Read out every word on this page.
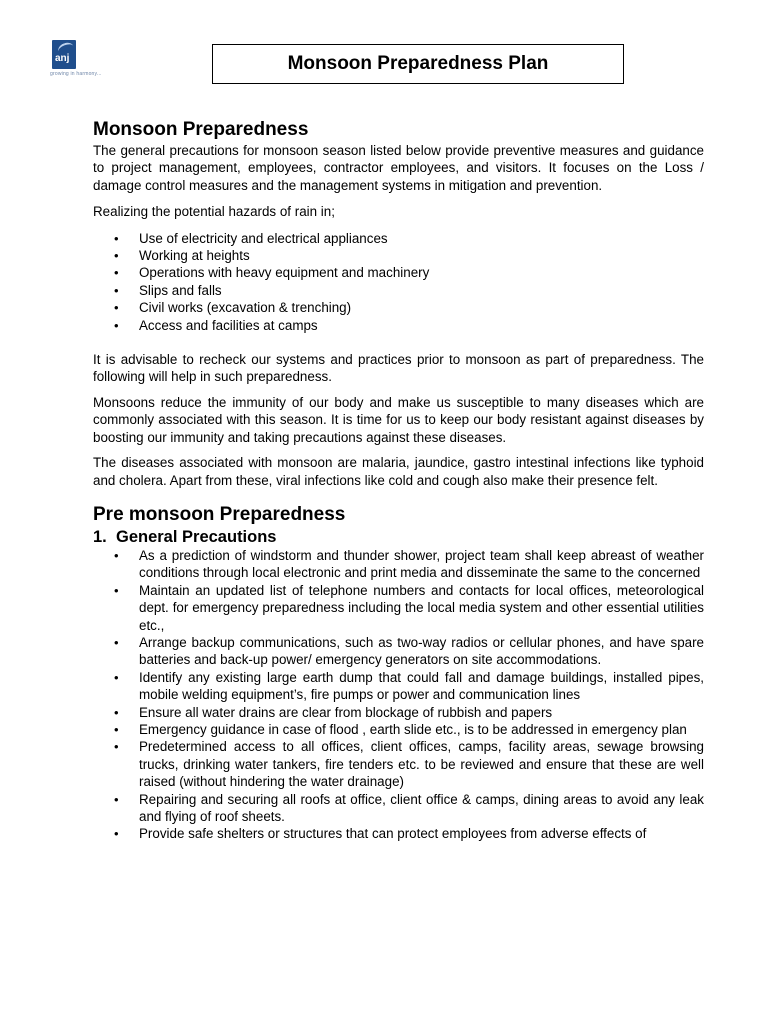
anj
growing in harmony...	Monsoon Preparedness Plan
Monsoon Preparedness

The general precautions for monsoon season listed below provide preventive measures and guidance to project management, employees, contractor employees, and visitors. It focuses on the Loss / damage control measures and the management systems in mitigation and prevention.

Realizing the potential hazards of rain in;

• Use of electricity and electrical appliances
• Working at heights
• Operations with heavy equipment and machinery
• Slips and falls
• Civil works (excavation & trenching)
• Access and facilities at camps

It is advisable to recheck our systems and practices prior to monsoon as part of preparedness. The following will help in such preparedness.

Monsoons reduce the immunity of our body and make us susceptible to many diseases which are commonly associated with this season. It is time for us to keep our body resistant against diseases by boosting our immunity and taking precautions against these diseases.

The diseases associated with monsoon are malaria, jaundice, gastro intestinal infections like typhoid and cholera. Apart from these, viral infections like cold and cough also make their presence felt.

Pre monsoon Preparedness
1. General Precautions
• As a prediction of windstorm and thunder shower, project team shall keep abreast of weather conditions through local electronic and print media and disseminate the same to the concerned
• Maintain an updated list of telephone numbers and contacts for local offices, meteorological dept. for emergency preparedness including the local media system and other essential utilities etc.,
• Arrange backup communications, such as two-way radios or cellular phones, and have spare batteries and back-up power/ emergency generators on site accommodations.
• Identify any existing large earth dump that could fall and damage buildings, installed pipes, mobile welding equipment’s, fire pumps or power and communication lines
• Ensure all water drains are clear from blockage of rubbish and papers
• Emergency guidance in case of flood , earth slide etc., is to be addressed in emergency plan
• Predetermined access to all offices, client offices, camps, facility areas, sewage browsing trucks, drinking water tankers, fire tenders etc. to be reviewed and ensure that these are well raised (without hindering the water drainage)
• Repairing and securing all roofs at office, client office & camps, dining areas to avoid any leak and flying of roof sheets.
• Provide safe shelters or structures that can protect employees from adverse effects of
